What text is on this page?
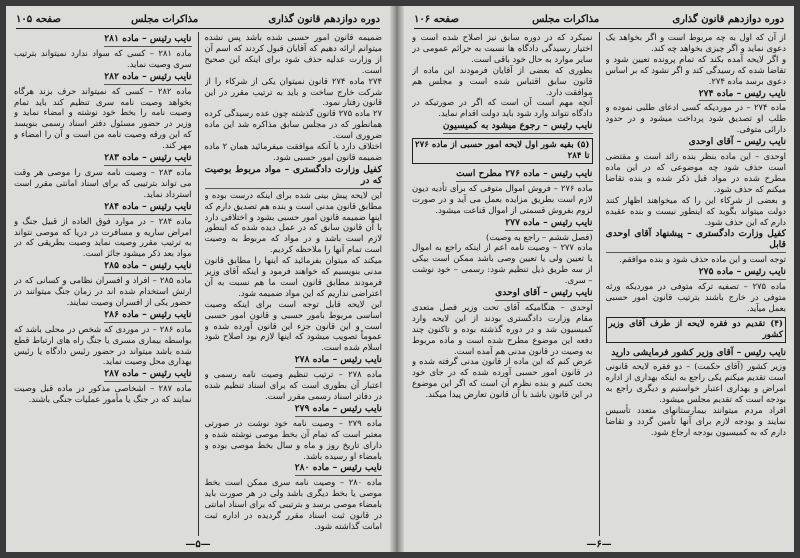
دوره دوازدهم قانون گذاری
مذاکرات مجلس
صفحه ۱۰۵
ضمیمه قانون امور حسبی شده باشد پس نشده میتوانم ارائه دهیم که آقایان قبول کردند که اسم آن از وزارت عدلیه حذف شود برای اینکه این صحیح است.
۲۷۴ ماده ۲۷۴ قانون نمیتوان یکی از شرکاء را از شرکت خارج ساخت و باید به ترتیب مقرر در این قانون رفتار نمود.
۲۷ ماده ۲۷۵ قانون گذشته چون عده رسیدگی کرده همانطور که در مجلس سابق مذاکره شد این ماده ضروری است.
اختلاف دارد با آنکه موافقت میفرمائید همان ۲ ماده ضمیمه قانون امور حسبی شود.
کفیل وزارت دادگستری – مواد مربوط بوصیت که در

این لایحه پیش بینی شده برای اینکه درست بوده و مطابق قانون مدنی است و بنده هم تصدیق دارم که اینها ضمیمه قانون امور حسبی بشود و اختلافی دارد با آن قانون سابق که در عمل دیده شده که اینطور لازم است باشد و در مواد که مربوط به وصیت است تمام آنها را ملاحظه کردیم.
میکند که میتوان بفرمائید که اینها را مطابق قانون مدنی بنویسیم که خواهند فرمود و اینکه آقای وزیر فرمودند مطابق قانون است ما هم نسبت به آن اعتراضی نداریم که این مواد ضمیمه شود.
این لایحه قابل توجه است برای اینکه وصیت اساسی مربوط بامور حسبی و قانون امور حسبی است و این قانون جزء این قانون آورده شده و عموماً تصویب میشود که اینها لازم بود اصلاح شود اسلام شده است.
نایب رئیس – ماده ۲۷۸

ماده ۲۷۸ – ترتیب تنظیم وصیت نامه رسمی و اعتبار آن بطوری است که برای اسناد تنظیم شده در دفاتر اسناد رسمی مقرر است.
نایب رئیس – ماده ۲۷۹

ماده ۲۷۹ – وصیت نامه خود نوشت در صورتی معتبر است که تمام آن بخط موصی نوشته شده و دارای تاریخ روز و ماه و سال بخط موصی بوده و بامضاء او رسیده باشد.
نایب رئیس – ماده ۲۸۰

ماده ۲۸۰ – وصیت نامه سری ممکن است بخط موصی یا بخط دیگری باشد ولی در هر صورت باید بامضاء موصی برسد و بترتیبی که برای اسناد امانتی در قانون ثبت اسناد مقرر گردیده در اداره ثبت امانت گذاشته شود.
نایب رئیس – ماده ۲۸۱

ماده ۲۸۱ – کسی که سواد ندارد نمیتواند بترتیب سری وصیت نماید.
نایب رئیس – ماده ۲۸۲

ماده ۲۸۲ – کسی که نمیتواند حرف بزند هرگاه بخواهد وصیت نامه سری تنظیم کند باید تمام وصیت نامه را بخط خود نوشته و امضاء نماید و وزیر در حضور مسئول دفتر اسناد رسمی بنویسد که این ورقه وصیت نامه من است و آن را امضاء و مهر کند.
نایب رئیس – ماده ۲۸۳

ماده ۲۸۳ – وصیت نامه سری را موصی هر وقت می تواند بترتیبی که برای اسناد امانتی مقرر است استرداد نماید.
نایب رئیس – ماده ۲۸۴

ماده ۲۸۴ – در موارد فوق العاده از قبیل جنگ و امراض ساریه و مسافرت در دریا که موصی نتواند به ترتیب مقرر وصیت نماید وصیت بطریقی که در مواد بعد ذکر میشود جائز است.
نایب رئیس – ماده ۲۸۵

ماده ۲۸۵ – افراد و افسران نظامی و کسانی که در ارتش استخدام شده اند در زمان جنگ میتوانند در حضور یکی از افسران وصیت نمایند.
نایب رئیس – ماده ۲۸۶

ماده ۲۸۶ – در موردی که شخص در محلی باشد که بواسطه بیماری مسری یا جنگ راه های ارتباط قطع شده باشد میتواند در حضور رئیس دادگاه یا رئیس بهداری محل وصیت نماید.
نایب رئیس – ماده ۲۸۷

ماده ۲۸۷ – اشخاصی مذکور در ماده قبل وصیت نمایند که در جنگ یا مأمور عملیات جنگی باشند.
—۵—
دوره دوازدهم قانون گذاری
مذاکرات مجلس
صفحه ۱۰۶
از آن که اول به چه مربوط است و اگر بخواهد یک دعوی نماید و اگر چیزی بخواهد چه کند.
و اگر لایحه آمده بکند که تمام پرونده تعیین شود و تقاضا شده که رسیدگی کند و اگر نشود که بر اساس دعوی برسد ماده ۲۷۴.
نایب رئیس – ماده ۲۷۴

ماده ۲۷۴ – در موردیکه کسی ادعای طلبی نموده و طلب او تصدیق شود پرداخت میشود و در حدود دارائی متوفی.
نایب رئیس – آقای اوحدی

اوحدی – این ماده بنظر بنده زائد است و مقتضی است حذف شود چه موضوعی که در این ماده مطرح شده در مواد قبل ذکر شده و بنده تقاضا میکنم که حذف شود.
و بعضی از شرکاء این را که میخواهند اظهار کنند دولت میتواند بگوید که اینطور نیست و بنده عقیده دارم که این حذف شود.
کفیل وزارت دادگستری – پیشنهاد آقای اوحدی قابل

توجه است و این ماده حذف شود و بنده موافقم.
نایب رئیس – ماده ۲۷۵

ماده ۲۷۵ – تصفیه ترکه متوفی در موردیکه ورثه متوفی در خارج باشند بترتیب قانون امور حسبی بعمل میآید.
(۴) تقدیم دو فقره لایحه از طرف آقای وزیر کشور
نایب رئیس – آقای وزیر کشور فرمایشی دارید

وزیر کشور (آقای حکمت) – دو فقره لایحه قانونی است تقدیم میکنم یکی راجع به اینکه بهداری از اداره امراض و بهداری اعتبار خواستیم و دیگری راجع به بودجه است که تقدیم مجلس میشود.
افراد مردم میتوانند بیمارستانهای متعدد تأسیس نمایند و بودجه لازم برای آنها تأمین گردد و تقاضا دارم که به کمیسیون بودجه ارجاع شود.
نمیکرد که در دوره سابق نیز اصلاح شده است و اختیار رسیدگی دادگاه ها نسبت به جرائم عمومی در سایر موارد به حال خود باقی است.
بطوری که بعضی از آقایان فرمودند این ماده از قانون سابق اقتباس شده است و مجلس هم موافقت دارد.
آنچه مهم است آن است که اگر در صورتیکه در دادگاه نتواند وارد شود باید دولت اقدام نماید.
نایب رئیس – رجوع میشود به کمیسیون

(۵) بقیه شور اول لایحه امور حسبی از ماده ۲۷۶ تا ۲۸۴
نایب رئیس – ماده ۲۷۶ مطرح است

ماده ۲۷۶ – فروش اموال متوفی که برای تأدیه دیون لازم است بطریق مزایده بعمل می آید و در صورت لزوم بفروش قسمتی از اموال قناعت میشود.
نایب رئیس – ماده ۲۷۷

(فصل ششم – راجع به وصیت)
ماده ۲۷۷ – وصیت نامه اعم از اینکه راجع به اموال یا تعیین ولی یا تعیین وصی باشد ممکن است بیکی از سه طریق ذیل تنظیم شود: رسمی – خود نوشت – سری.
نایب رئیس – آقای اوحدی

اوحدی – هنگامیکه آقای تحت وزیر فصل متعدی مقام وزارت دادگستری بودند از این لایحه وارد کمیسیون شد و در دوره گذشته بوده و تاکنون چند دفعه این موضوع مطرح شده است و ماده مربوط به وصیت در قانون مدنی هم آمده است.
عرض کنم که این ماده از قانون مدنی گرفته شده و در قانون امور حسبی آورده شده که در جای خود بحث کنیم و بنده نظرم آن است که اگر این موضوع در این قانون باشد با آن قانون تعارض پیدا میکند.
—۶—
